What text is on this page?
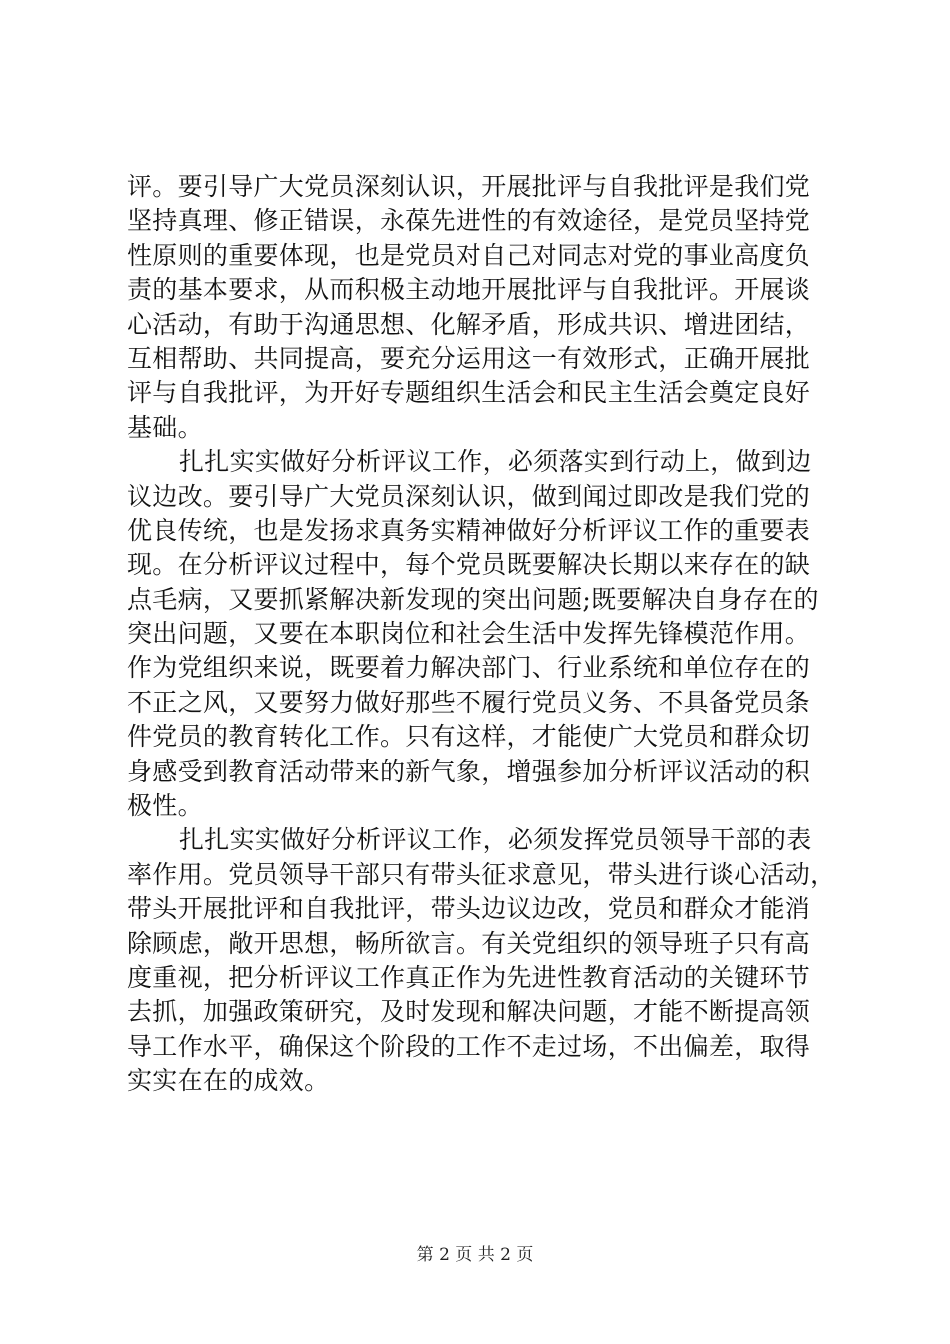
评。要引导广大党员深刻认识，开展批评与自我批评是我们党
坚持真理、修正错误，永葆先进性的有效途径，是党员坚持党
性原则的重要体现，也是党员对自己对同志对党的事业高度负
责的基本要求，从而积极主动地开展批评与自我批评。开展谈
心活动，有助于沟通思想、化解矛盾，形成共识、增进团结，
互相帮助、共同提高，要充分运用这一有效形式，正确开展批
评与自我批评，为开好专题组织生活会和民主生活会奠定良好
基础。
扎扎实实做好分析评议工作，必须落实到行动上，做到边
议边改。要引导广大党员深刻认识，做到闻过即改是我们党的
优良传统，也是发扬求真务实精神做好分析评议工作的重要表
现。在分析评议过程中，每个党员既要解决长期以来存在的缺
点毛病，又要抓紧解决新发现的突出问题;既要解决自身存在的
突出问题，又要在本职岗位和社会生活中发挥先锋模范作用。
作为党组织来说，既要着力解决部门、行业系统和单位存在的
不正之风，又要努力做好那些不履行党员义务、不具备党员条
件党员的教育转化工作。只有这样，才能使广大党员和群众切
身感受到教育活动带来的新气象，增强参加分析评议活动的积
极性。
扎扎实实做好分析评议工作，必须发挥党员领导干部的表
率作用。党员领导干部只有带头征求意见，带头进行谈心活动，
带头开展批评和自我批评，带头边议边改，党员和群众才能消
除顾虑，敞开思想，畅所欲言。有关党组织的领导班子只有高
度重视，把分析评议工作真正作为先进性教育活动的关键环节
去抓，加强政策研究，及时发现和解决问题，才能不断提高领
导工作水平，确保这个阶段的工作不走过场，不出偏差，取得
实实在在的成效。
第 2 页 共 2 页
